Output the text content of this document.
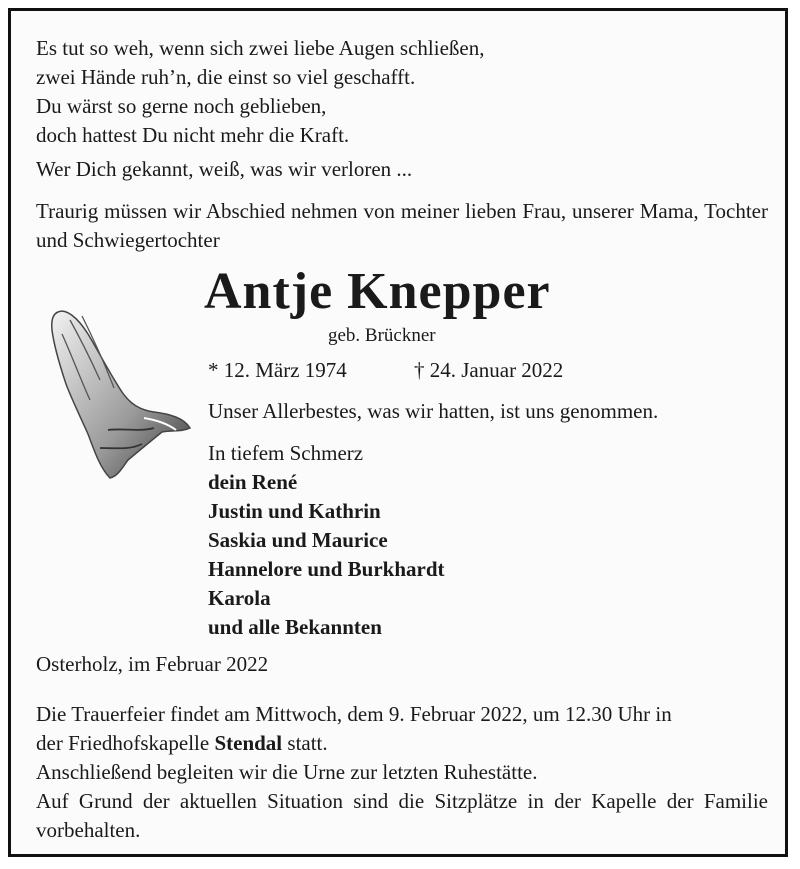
Es tut so weh, wenn sich zwei liebe Augen schließen,
zwei Hände ruh’n, die einst so viel geschafft.
Du wärst so gerne noch geblieben,
doch hattest Du nicht mehr die Kraft.
Wer Dich gekannt, weiß, was wir verloren ...
Traurig müssen wir Abschied nehmen von meiner lieben Frau, unserer Mama, Tochter und Schwiegertochter
Antje Knepper
geb. Brückner
* 12. März 1974	† 24. Januar 2022
Unser Allerbestes, was wir hatten, ist uns genommen.
In tiefem Schmerz
dein René
Justin und Kathrin
Saskia und Maurice
Hannelore und Burkhardt
Karola
und alle Bekannten
Osterholz, im Februar 2022
Die Trauerfeier findet am Mittwoch, dem 9. Februar 2022, um 12.30 Uhr in
der Friedhofskapelle Stendal statt.
Anschließend begleiten wir die Urne zur letzten Ruhestätte.
Auf Grund der aktuellen Situation sind die Sitzplätze in der Kapelle der Familie vorbehalten.
